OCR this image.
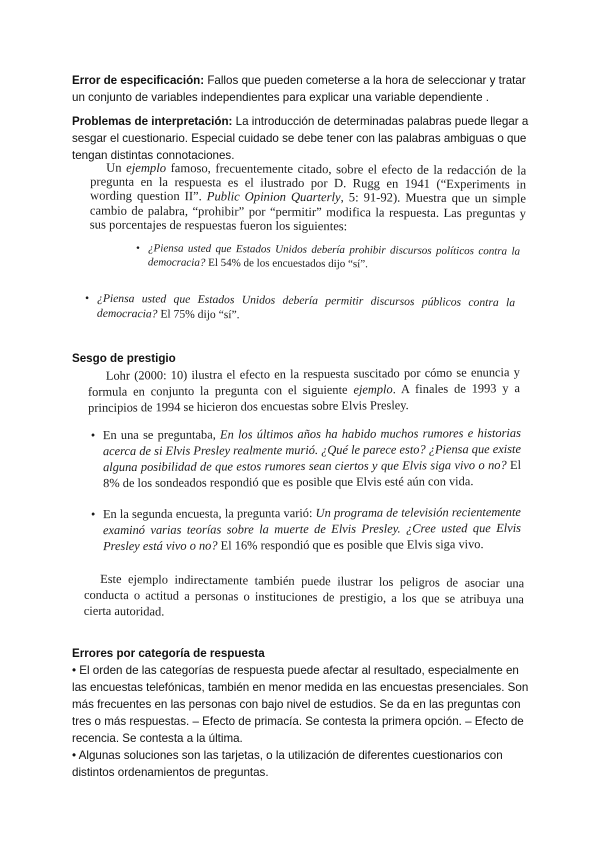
Error de especificación: Fallos que pueden cometerse a la hora de seleccionar y tratar un conjunto de variables independientes para explicar una variable dependiente .
Problemas de interpretación: La introducción de determinadas palabras puede llegar a sesgar el cuestionario. Especial cuidado se debe tener con las palabras ambiguas o que tengan distintas connotaciones.
Un ejemplo famoso, frecuentemente citado, sobre el efecto de la redacción de la pregunta en la respuesta es el ilustrado por D. Rugg en 1941 (“Experiments in wording question II”. Public Opinion Quarterly, 5: 91-92). Muestra que un simple cambio de palabra, “prohibir” por “permitir” modifica la respuesta. Las preguntas y sus porcentajes de respuestas fueron los siguientes:
• ¿Piensa usted que Estados Unidos debería prohibir discursos políticos contra la democracia? El 54% de los encuestados dijo “sí”.
• ¿Piensa usted que Estados Unidos debería permitir discursos públicos contra la democracia? El 75% dijo “sí”.
Sesgo de prestigio
Lohr (2000: 10) ilustra el efecto en la respuesta suscitado por cómo se enuncia y formula en conjunto la pregunta con el siguiente ejemplo. A finales de 1993 y a principios de 1994 se hicieron dos encuestas sobre Elvis Presley.
• En una se preguntaba, En los últimos años ha habido muchos rumores e historias acerca de si Elvis Presley realmente murió. ¿Qué le parece esto? ¿Piensa que existe alguna posibilidad de que estos rumores sean ciertos y que Elvis siga vivo o no? El 8% de los sondeados respondió que es posible que Elvis esté aún con vida.
• En la segunda encuesta, la pregunta varió: Un programa de televisión recientemente examinó varias teorías sobre la muerte de Elvis Presley. ¿Cree usted que Elvis Presley está vivo o no? El 16% respondió que es posible que Elvis siga vivo.
Este ejemplo indirectamente también puede ilustrar los peligros de asociar una conducta o actitud a personas o instituciones de prestigio, a los que se atribuya una cierta autoridad.
Errores por categoría de respuesta
• El orden de las categorías de respuesta puede afectar al resultado, especialmente en las encuestas telefónicas, también en menor medida en las encuestas presenciales. Son más frecuentes en las personas con bajo nivel de estudios. Se da en las preguntas con tres o más respuestas. – Efecto de primacía. Se contesta la primera opción. – Efecto de recencia. Se contesta a la última.
• Algunas soluciones son las tarjetas, o la utilización de diferentes cuestionarios con distintos ordenamientos de preguntas.
